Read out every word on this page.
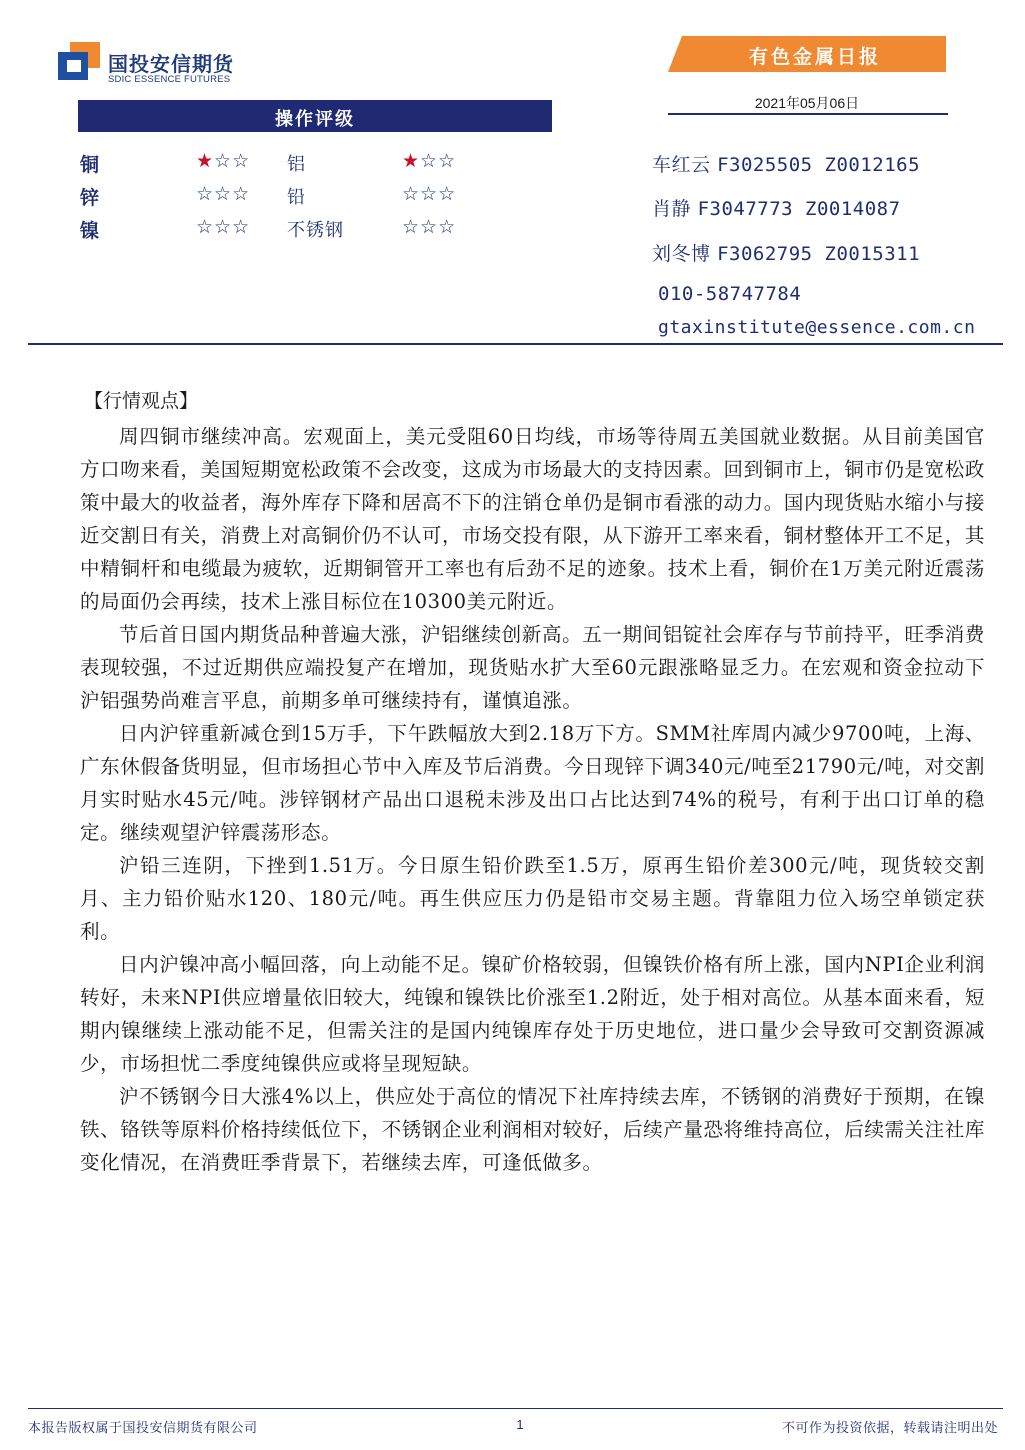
国投安信期货
SDIC ESSENCE FUTURES
有色金属日报
2021年05月06日
操作评级
铜	★☆☆ 铝	★☆☆
锌	☆☆☆ 铅	☆☆☆
镍	☆☆☆ 不锈钢	☆☆☆
车红云 F3025505 Z0012165
肖静 F3047773 Z0014087
刘冬博 F3062795 Z0015311
010-58747784
gtaxinstitute@essence.com.cn
【行情观点】

周四铜市继续冲高。宏观面上，美元受阻60日均线，市场等待周五美国就业数据。从目前美国官方口吻来看，美国短期宽松政策不会改变，这成为市场最大的支持因素。回到铜市上，铜市仍是宽松政策中最大的收益者，海外库存下降和居高不下的注销仓单仍是铜市看涨的动力。国内现货贴水缩小与接近交割日有关，消费上对高铜价仍不认可，市场交投有限，从下游开工率来看，铜材整体开工不足，其中精铜杆和电缆最为疲软，近期铜管开工率也有后劲不足的迹象。技术上看，铜价在1万美元附近震荡的局面仍会再续，技术上涨目标位在10300美元附近。

节后首日国内期货品种普遍大涨，沪铝继续创新高。五一期间铝锭社会库存与节前持平，旺季消费表现较强，不过近期供应端投复产在增加，现货贴水扩大至60元跟涨略显乏力。在宏观和资金拉动下沪铝强势尚难言平息，前期多单可继续持有，谨慎追涨。

日内沪锌重新减仓到15万手，下午跌幅放大到2.18万下方。SMM社库周内减少9700吨，上海、广东休假备货明显，但市场担心节中入库及节后消费。今日现锌下调340元/吨至21790元/吨，对交割月实时贴水45元/吨。涉锌钢材产品出口退税未涉及出口占比达到74%的税号，有利于出口订单的稳定。继续观望沪锌震荡形态。

沪铅三连阴，下挫到1.51万。今日原生铅价跌至1.5万，原再生铅价差300元/吨，现货较交割月、主力铅价贴水120、180元/吨。再生供应压力仍是铅市交易主题。背靠阻力位入场空单锁定获利。

日内沪镍冲高小幅回落，向上动能不足。镍矿价格较弱，但镍铁价格有所上涨，国内NPI企业利润转好，未来NPI供应增量依旧较大，纯镍和镍铁比价涨至1.2附近，处于相对高位。从基本面来看，短期内镍继续上涨动能不足，但需关注的是国内纯镍库存处于历史地位，进口量少会导致可交割资源减少，市场担忧二季度纯镍供应或将呈现短缺。

沪不锈钢今日大涨4%以上，供应处于高位的情况下社库持续去库，不锈钢的消费好于预期，在镍铁、铬铁等原料价格持续低位下，不锈钢企业利润相对较好，后续产量恐将维持高位，后续需关注社库变化情况，在消费旺季背景下，若继续去库，可逢低做多。

本报告版权属于国投安信期货有限公司	1	不可作为投资依据，转载请注明出处
